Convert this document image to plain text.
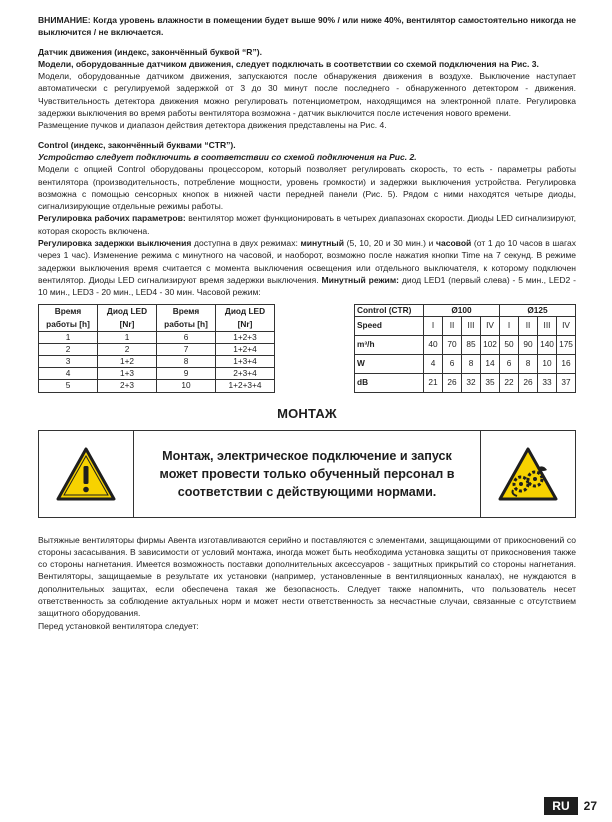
ВНИМАНИЕ: Когда уровень влажности в помещении будет выше 90% / или ниже 40%, вентилятор самостоятельно никогда не выключится / не включается.

Датчик движения (индекс, закончённый буквой “R”).

Модели, оборудованные датчиком движения, следует подключать в соответствии со схемой подключения на Рис. 3.

Модели, оборудованные датчиком движения, запускаются после обнаружения движения в воздухе. Выключение наступает автоматически с регулируемой задержкой от 3 до 30 минут после последнего - обнаруженного детектором - движения. Чувствительность детектора движения можно регулировать потенциометром, находящимся на электронной платe. Регулировка задержки выключения во время работы вентилятора возможна - датчик выключится после истечения нового времени.

Размещение пучков и диапазон действия детектора движения представлены на Рис. 4.

Control (индекс, закончённый буквами “CTR”).

Устройство следует подключить в соответствии со схемой подключения на Рис. 2.

Модели с опцией Control оборудованы процессором, который позволяет регулировать скорость, то есть - параметры работы вентилятора (производительность, потребление мощности, уровень громкости) и задержки выключения устройства. Регулировка возможна с помощью сенсорных кнопок в нижней части передней панели (Рис. 5). Рядом с ними находятся четыре диоды, сигнализирующие отдельные режимы работы.

Регулировка рабочих параметров: вентилятор может функционировать в четырех диапазонах скорости. Диоды LED сигнализируют, которая скорость включена.

Регулировка задержки выключения доступна в двух режимах: минутный (5, 10, 20 и 30 мин.) и часовой (от 1 до 10 часов в шагах через 1 час). Изменение режима с минутного на часовой, и наоборот, возможно после нажатия кнопки Time на 7 секунд. В режиме задержки выключения время считается с момента выключения освещения или отдельного выключателя, к которому подключен вентилятор. Диоды LED сигнализируют время задержки выключения. Минутный режим: диод LED1 (первый слева) - 5 мин., LED2 - 10 мин., LED3 - 20 мин., LED4 - 30 мин. Часовой режим:

Время работы [h]	Диод LED [Nr]	Время работы [h]	Диод LED [Nr]
1	1	6	1+2+3
2	2	7	1+2+4
3	1+2	8	1+3+4
4	1+3	9	2+3+4
5	2+3	10	1+2+3+4
Control (CTR)	Ø100				Ø125			
Speed	I	II	III	IV	I	II	III	IV
m³/h	40	70	85	102	50	90	140	175
W	4	6	8	14	6	8	10	16
dB	21	26	32	35	22	26	33	37
МОНТАЖ
Монтаж, электрическое подключение и запуск может провести только обученный персонал в соответствии с действующими нормами.

Вытяжные вентиляторы фирмы Авента изготавливаются серийно и поставляются с элементами, защищающими от прикосновений со стороны засасывания. В зависимости от условий монтажа, иногда может быть необходима установка защиты от прикосновения также со стороны нагнетания. Имеется возможность поставки дополнительных аксессуаров - защитных прикрытий со стороны нагнетания. Вентиляторы, защищаемые в результате их установки (например, установленные в вентиляционных каналах), не нуждаются в дополнительных защитах, если обеспечена такая же безопасность. Следует также напомнить, что пользователь несет ответственность за соблюдение актуальных норм и может нести ответственность за несчастные случаи, связанные с отсутствием защитного оборудования.

Перед установкой вентилятора следует:

RU	27
